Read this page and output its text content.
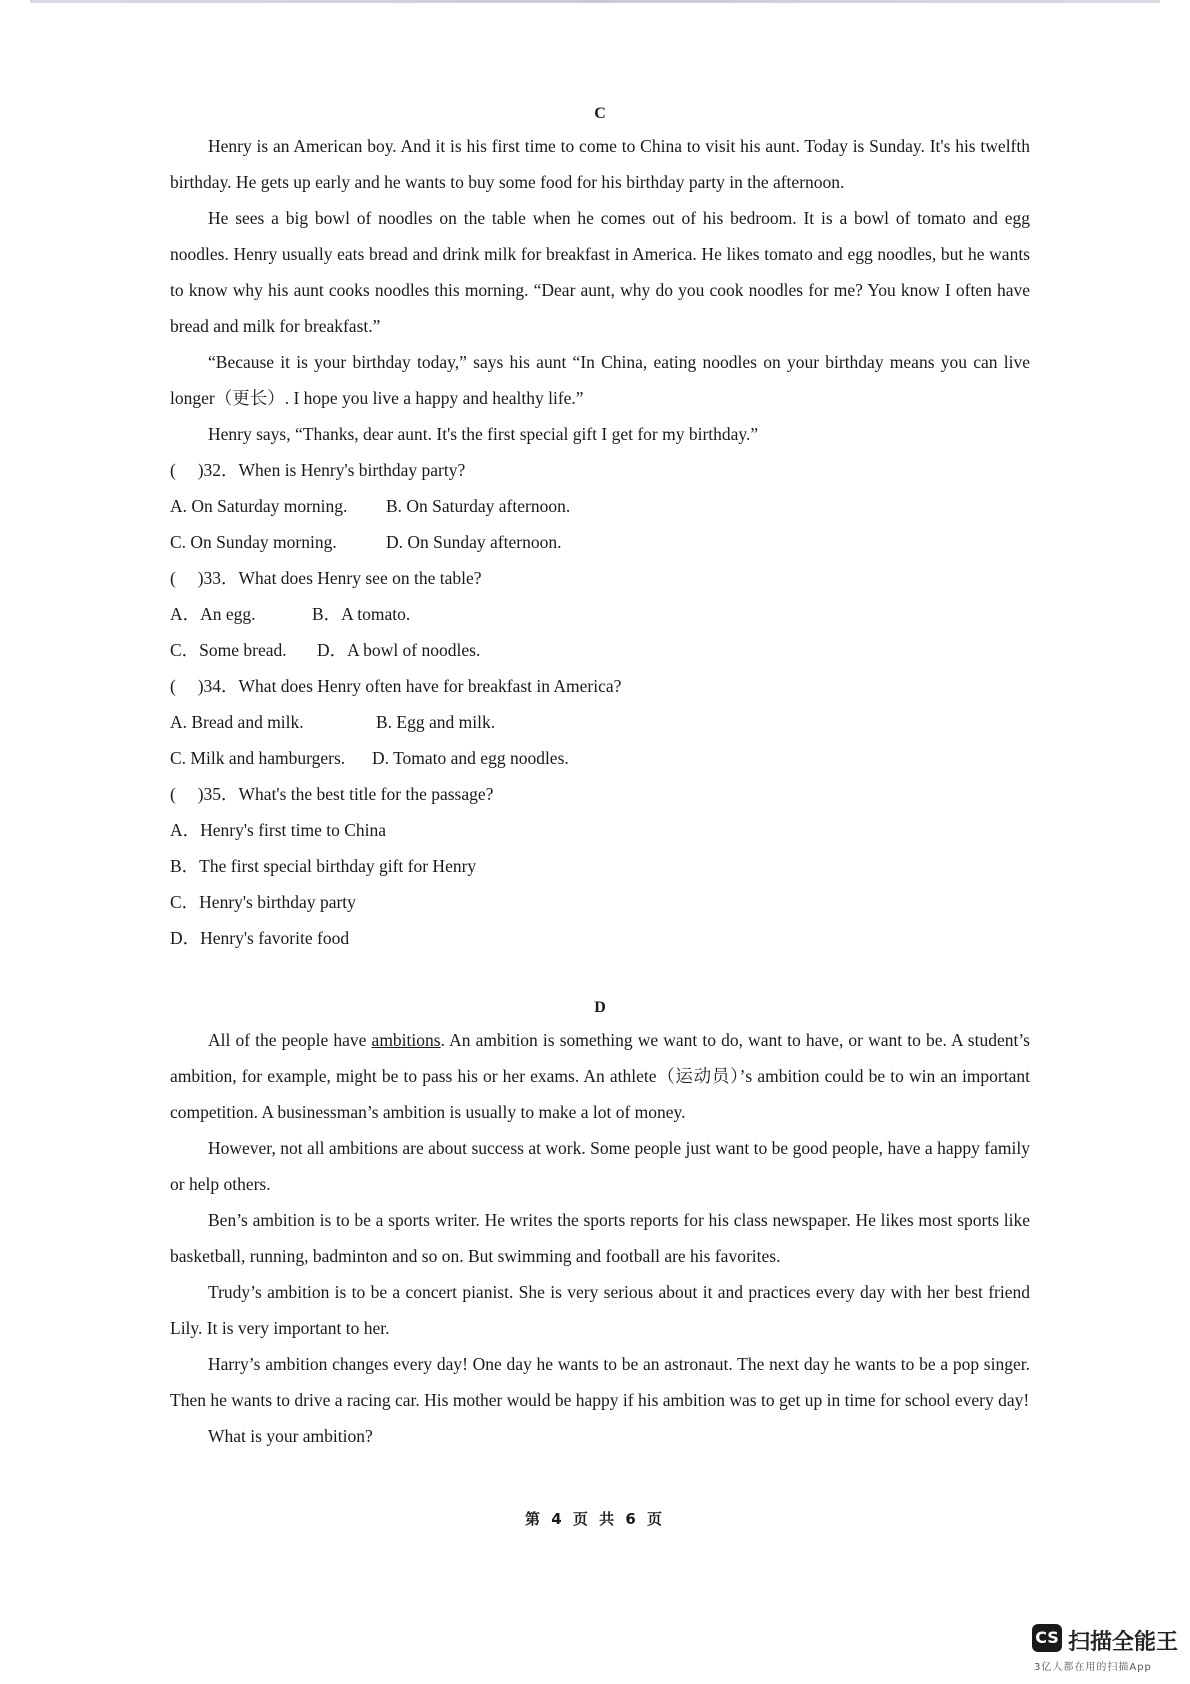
C

Henry is an American boy. And it is his first time to come to China to visit his aunt. Today is Sunday. It's his twelfth birthday. He gets up early and he wants to buy some food for his birthday party in the afternoon.

He sees a big bowl of noodles on the table when he comes out of his bedroom. It is a bowl of tomato and egg noodles. Henry usually eats bread and drink milk for breakfast in America. He likes tomato and egg noodles, but he wants to know why his aunt cooks noodles this morning. “Dear aunt, why do you cook noodles for me? You know I often have bread and milk for breakfast.”

“Because it is your birthday today,” says his aunt “In China, eating noodles on your birthday means you can live longer（更长）. I hope you live a happy and healthy life.”

Henry says, “Thanks, dear aunt. It's the first special gift I get for my birthday.”

(     )32．When is Henry's birthday party?

A. On Saturday morning.	B. On Saturday afternoon.
C. On Sunday morning.	D. On Sunday afternoon.

(     )33．What does Henry see on the table?

A．An egg.	B．A tomato.
C．Some bread.	D．A bowl of noodles.

(     )34．What does Henry often have for breakfast in America?

A. Bread and milk.	B. Egg and milk.
C. Milk and hamburgers.	D. Tomato and egg noodles.

(     )35．What's the best title for the passage?

A．Henry's first time to China

B．The first special birthday gift for Henry

C．Henry's birthday party

D．Henry's favorite food

D

All of the people have ambitions. An ambition is something we want to do, want to have, or want to be. A student’s ambition, for example, might be to pass his or her exams. An athlete（运动员）’s ambition could be to win an important competition. A businessman’s ambition is usually to make a lot of money.

However, not all ambitions are about success at work. Some people just want to be good people, have a happy family or help others.

Ben’s ambition is to be a sports writer. He writes the sports reports for his class newspaper. He likes most sports like basketball, running, badminton and so on. But swimming and football are his favorites.

Trudy’s ambition is to be a concert pianist. She is very serious about it and practices every day with her best friend Lily. It is very important to her.

Harry’s ambition changes every day! One day he wants to be an astronaut. The next day he wants to be a pop singer. Then he wants to drive a racing car. His mother would be happy if his ambition was to get up in time for school every day!

What is your ambition?

第 4 页 共 6 页
CS 扫描全能王
3亿人都在用的扫描App
